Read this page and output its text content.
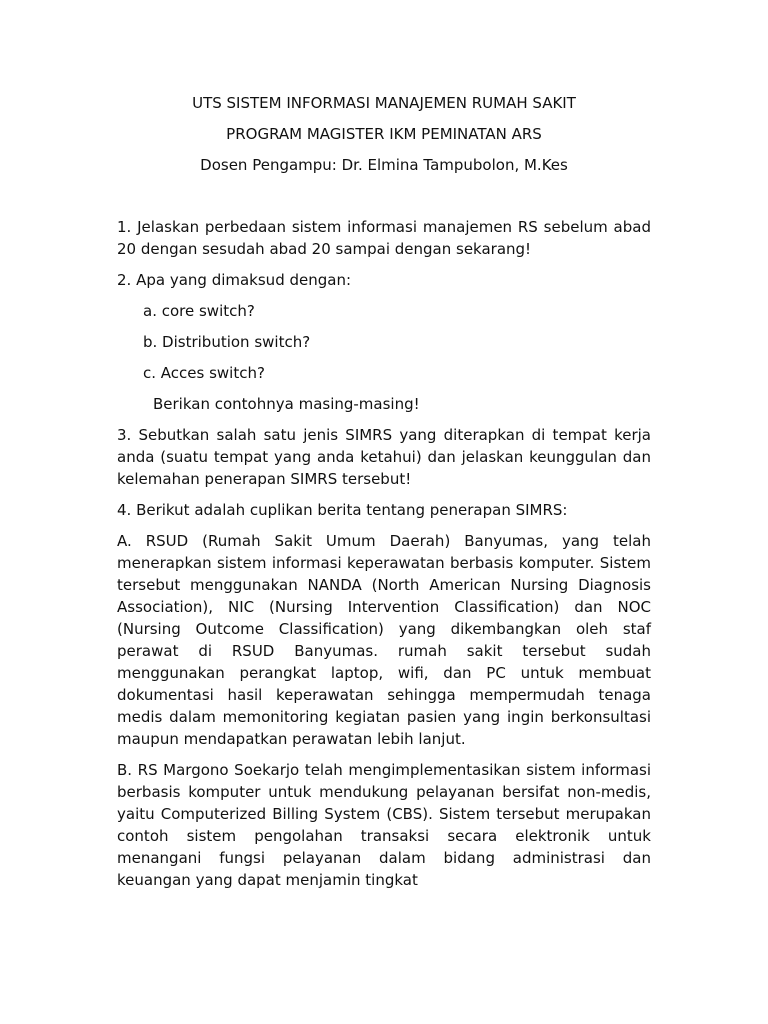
UTS SISTEM INFORMASI MANAJEMEN RUMAH SAKIT
PROGRAM MAGISTER IKM PEMINATAN ARS
Dosen Pengampu: Dr. Elmina Tampubolon, M.Kes

1. Jelaskan perbedaan sistem informasi manajemen RS sebelum abad 20 dengan sesudah abad 20 sampai dengan sekarang!

2. Apa yang dimaksud dengan:

a. core switch?

b. Distribution switch?

c. Acces switch?

Berikan contohnya masing-masing!

3. Sebutkan salah satu jenis SIMRS yang diterapkan di tempat kerja anda (suatu tempat yang anda ketahui) dan jelaskan keunggulan dan kelemahan penerapan SIMRS tersebut!

4. Berikut adalah cuplikan berita tentang penerapan SIMRS:

A. RSUD (Rumah Sakit Umum Daerah) Banyumas, yang telah menerapkan sistem informasi keperawatan berbasis komputer. Sistem tersebut menggunakan NANDA (North American Nursing Diagnosis Association), NIC (Nursing Intervention Classification) dan NOC (Nursing Outcome Classification) yang dikembangkan oleh staf perawat di RSUD Banyumas. rumah sakit tersebut sudah menggunakan perangkat laptop, wifi, dan PC untuk membuat dokumentasi hasil keperawatan sehingga mempermudah tenaga medis dalam memonitoring kegiatan pasien yang ingin berkonsultasi maupun mendapatkan perawatan lebih lanjut.

B. RS Margono Soekarjo telah mengimplementasikan sistem informasi berbasis komputer untuk mendukung pelayanan bersifat non-medis, yaitu Computerized Billing System (CBS). Sistem tersebut merupakan contoh sistem pengolahan transaksi secara elektronik untuk menangani fungsi pelayanan dalam bidang administrasi dan keuangan yang dapat menjamin tingkat
